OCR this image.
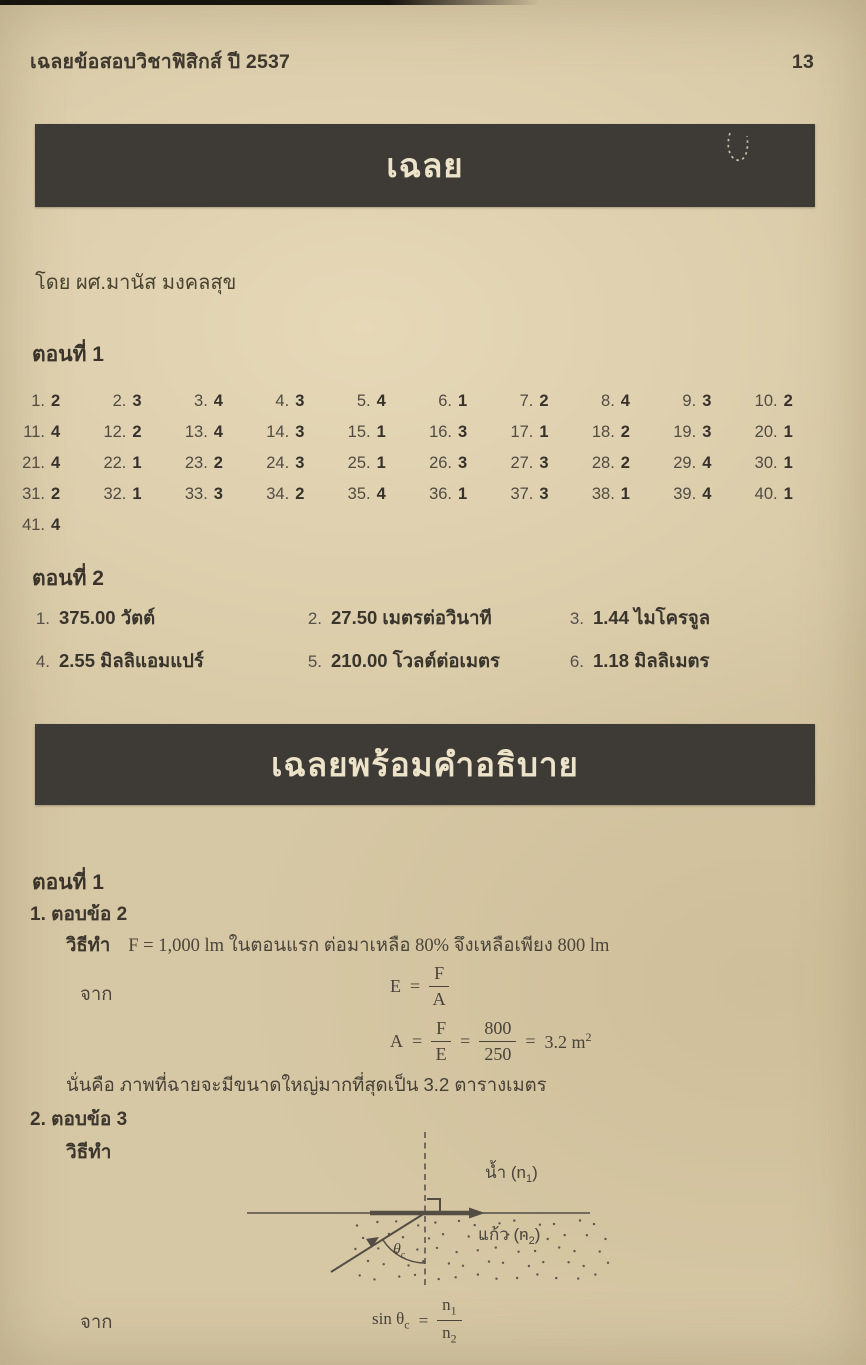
เฉลยข้อสอบวิชาฟิสิกส์ ปี 2537	13
เฉลย
โดย ผศ.มานัส มงคลสุข
ตอนที่ 1
1. 2	2. 3	3. 4	4. 3	5. 4	6. 1	7. 2	8. 4	9. 3	10. 2
11. 4	12. 2	13. 4	14. 3	15. 1	16. 3	17. 1	18. 2	19. 3	20. 1
21. 4	22. 1	23. 2	24. 3	25. 1	26. 3	27. 3	28. 2	29. 4	30. 1
31. 2	32. 1	33. 3	34. 2	35. 4	36. 1	37. 3	38. 1	39. 4	40. 1
41. 4
ตอนที่ 2
1. 375.00 วัตต์	2. 27.50 เมตรต่อวินาที	3. 1.44 ไมโครจูล
4. 2.55 มิลลิแอมแปร์	5. 210.00 โวลต์ต่อเมตร	6. 1.18 มิลลิเมตร
เฉลยพร้อมคำอธิบาย
ตอนที่ 1
1. ตอบข้อ 2
วิธีทำ F = 1,000 lm ในตอนแรก ต่อมาเหลือ 80% จึงเหลือเพียง 800 lm
จาก	$E = \frac{F}{A}$
$A = \frac{F}{E} = \frac{800}{250} = 3.2$ $m^2$
นั่นคือ ภาพที่ฉายจะมีขนาดใหญ่มากที่สุดเป็น 3.2 ตารางเมตร
2. ตอบข้อ 3
วิธีทำ
$\theta_c$
น้ำ $(n_1)$
แก้ว $(n_2)$
จาก	$\sin \theta_c = \frac{n_1}{n_2}$
